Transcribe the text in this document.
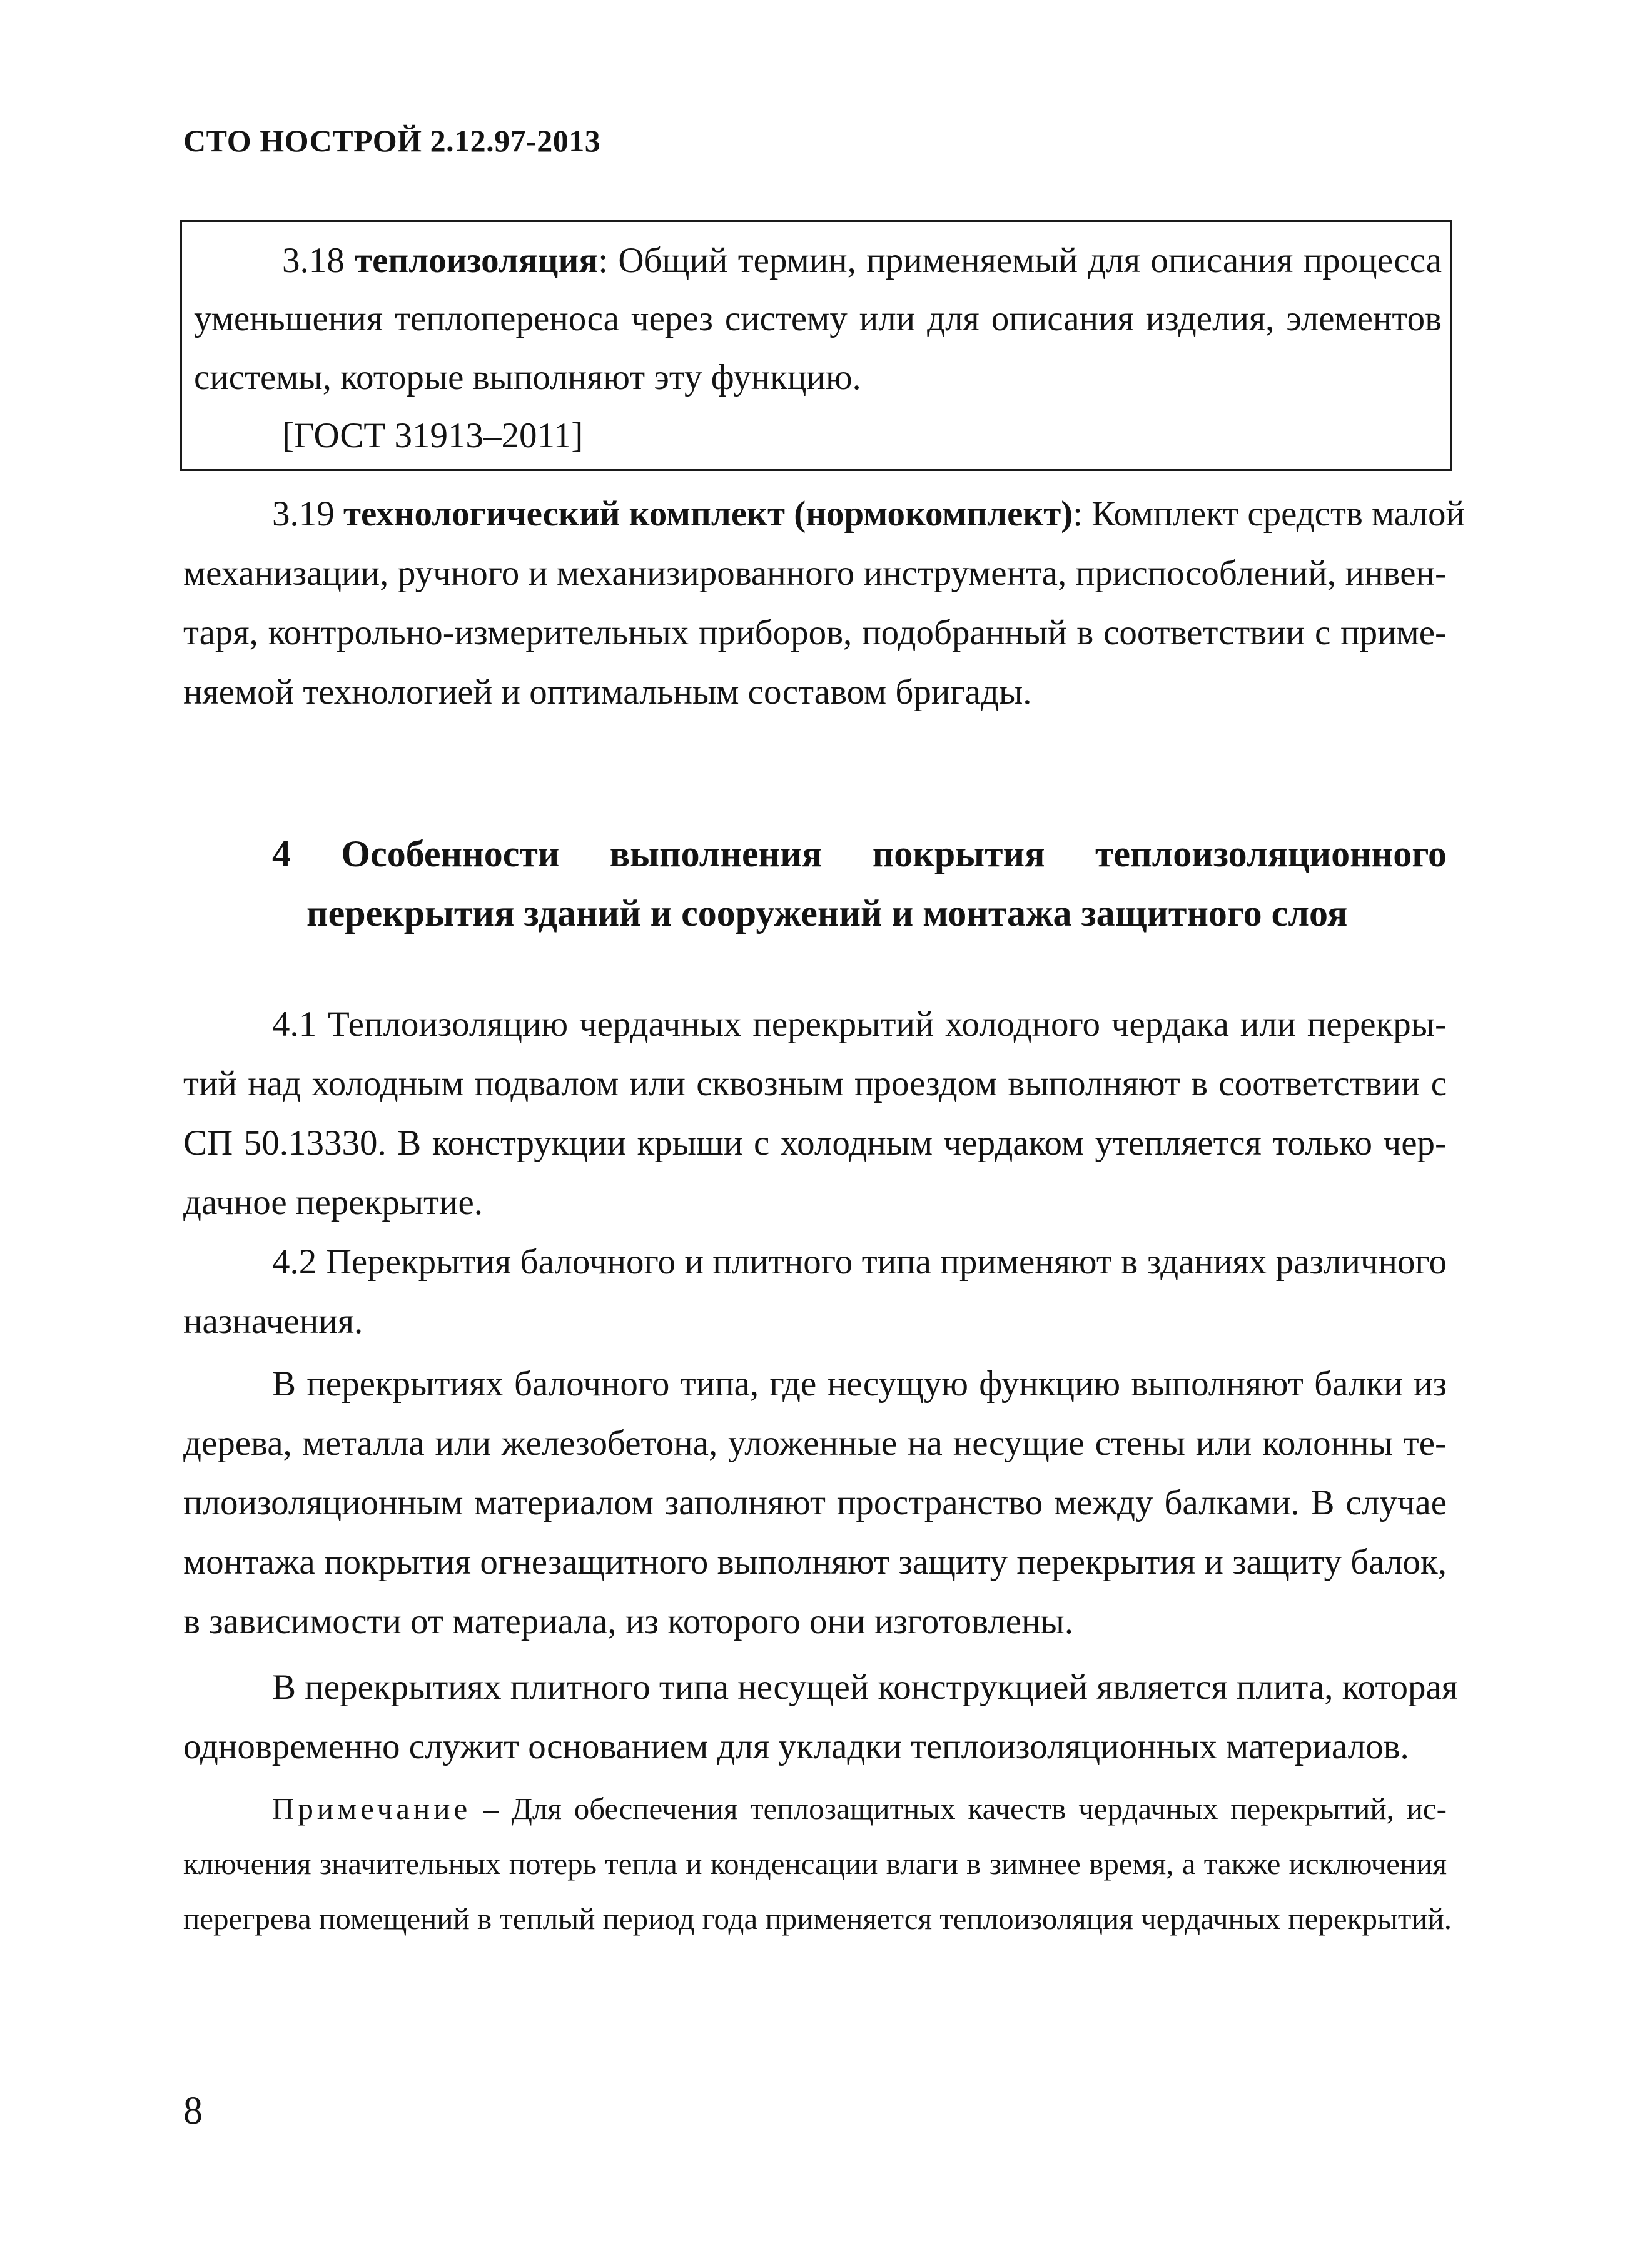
СТО НОСТРОЙ 2.12.97-2013
3.18 теплоизоляция: Общий термин, применяемый для описания процесса
уменьшения теплопереноса через систему или для описания изделия, элементов
системы, которые выполняют эту функцию.
[ГОСТ 31913–2011]
3.19 технологический комплект (нормокомплект): Комплект средств малой
механизации, ручного и механизированного инструмента, приспособлений, инвен-
таря, контрольно-измерительных приборов, подобранный в соответствии с приме-
няемой технологией и оптимальным составом бригады.
4 Особенности выполнения покрытия теплоизоляционного
перекрытия зданий и сооружений и монтажа защитного слоя
4.1 Теплоизоляцию чердачных перекрытий холодного чердака или перекры-
тий над холодным подвалом или сквозным проездом выполняют в соответствии с
СП 50.13330. В конструкции крыши с холодным чердаком утепляется только чер-
дачное перекрытие.
4.2 Перекрытия балочного и плитного типа применяют в зданиях различного
назначения.
В перекрытиях балочного типа, где несущую функцию выполняют балки из
дерева, металла или железобетона, уложенные на несущие стены или колонны те-
плоизоляционным материалом заполняют пространство между балками. В случае
монтажа покрытия огнезащитного выполняют защиту перекрытия и защиту балок,
в зависимости от материала, из которого они изготовлены.
В перекрытиях плитного типа несущей конструкцией является плита, которая
одновременно служит основанием для укладки теплоизоляционных материалов.
Примечание – Для обеспечения теплозащитных качеств чердачных перекрытий, ис-
ключения значительных потерь тепла и конденсации влаги в зимнее время, а также исключения
перегрева помещений в теплый период года применяется теплоизоляция чердачных перекрытий.
8
